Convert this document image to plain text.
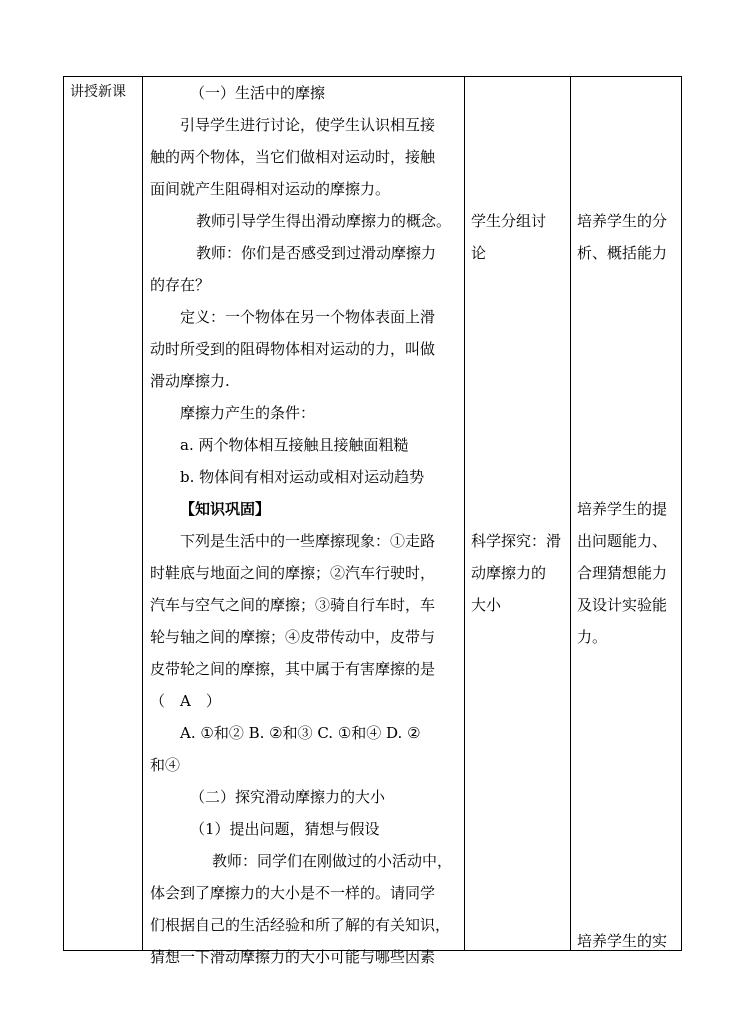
讲授新课	（一）生活中的摩擦
引导学生进行讨论，使学生认识相互接
触的两个物体，当它们做相对运动时，接触
面间就产生阻碍相对运动的摩擦力。
教师引导学生得出滑动摩擦力的概念。
教师：你们是否感受到过滑动摩擦力
的存在？
定义：一个物体在另一个物体表面上滑
动时所受到的阻碍物体相对运动的力，叫做
滑动摩擦力.
摩擦力产生的条件：
a. 两个物体相互接触且接触面粗糙
b. 物体间有相对运动或相对运动趋势
【知识巩固】
下列是生活中的一些摩擦现象：①走路
时鞋底与地面之间的摩擦；②汽车行驶时，
汽车与空气之间的摩擦；③骑自行车时，车
轮与轴之间的摩擦；④皮带传动中，皮带与
皮带轮之间的摩擦，其中属于有害摩擦的是
（　A　）
A. ①和② B. ②和③ C. ①和④ D. ②
和④
（二）探究滑动摩擦力的大小
（1）提出问题，猜想与假设
教师：同学们在刚做过的小活动中，
体会到了摩擦力的大小是不一样的。请同学
们根据自己的生活经验和所了解的有关知识，
猜想一下滑动摩擦力的大小可能与哪些因素
学生分组讨
论
科学探究：滑
动摩擦力的
大小
培养学生的分
析、概括能力
培养学生的提
出问题能力、
合理猜想能力
及设计实验能
力。
培养学生的实
